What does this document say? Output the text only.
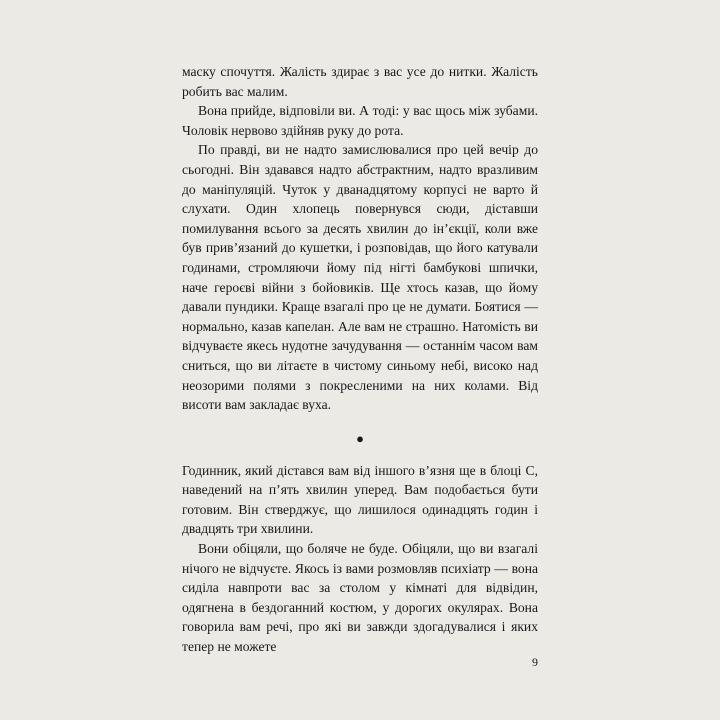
маску спочуття. Жалість здирає з вас усе до нитки. Жалість робить вас малим.

Вона прийде, відповіли ви. А тоді: у вас щось між зубами. Чоловік нервово здійняв руку до рота.

По правді, ви не надто замислювалися про цей вечір до сьогодні. Він здавався надто абстрактним, надто вразливим до маніпуляцій. Чуток у дванадцятому корпусі не варто й слухати. Один хлопець повернувся сюди, діставши помилування всього за десять хвилин до ін’єкції, коли вже був прив’язаний до кушетки, і розповідав, що його катували годинами, стромляючи йому під нігті бамбукові шпички, наче героєві війни з бойовиків. Ще хтось казав, що йому давали пундики. Краще взагалі про це не думати. Боятися — нормально, казав капелан. Але вам не страшно. Натомість ви відчуваєте якесь нудотне зачудування — останнім часом вам сниться, що ви літаєте в чистому синьому небі, високо над неозорими полями з покресленими на них колами. Від висоти вам закладає вуха.

●

Годинник, який дістався вам від іншого в’язня ще в блоці C, наведений на п’ять хвилин уперед. Вам подобається бути готовим. Він стверджує, що лишилося одинадцять годин і двадцять три хвилини.

Вони обіцяли, що боляче не буде. Обіцяли, що ви взагалі нічого не відчуєте. Якось із вами розмовляв психіатр — вона сиділа навпроти вас за столом у кімнаті для відвідин, одягнена в бездоганний костюм, у дорогих окулярах. Вона говорила вам речі, про які ви завжди здогадувалися і яких тепер не можете

9
